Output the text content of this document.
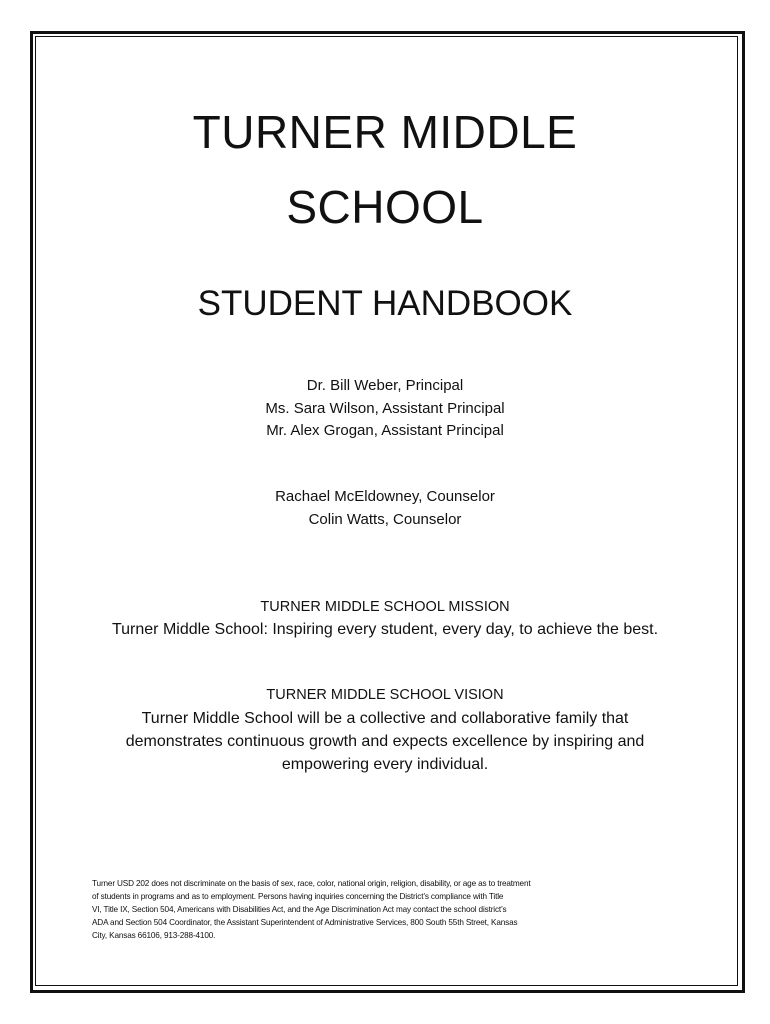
TURNER MIDDLE
SCHOOL
STUDENT HANDBOOK
Dr. Bill Weber, Principal
Ms. Sara Wilson, Assistant Principal
Mr. Alex Grogan, Assistant Principal
Rachael McEldowney, Counselor
Colin Watts, Counselor
TURNER MIDDLE SCHOOL MISSION
Turner Middle School: Inspiring every student, every day, to achieve the best.
TURNER MIDDLE SCHOOL VISION
Turner Middle School will be a collective and collaborative family that
demonstrates continuous growth and expects excellence by inspiring and
empowering every individual.
Turner USD 202 does not discriminate on the basis of sex, race, color, national origin, religion, disability, or age as to treatment
of students in programs and as to employment. Persons having inquiries concerning the District’s compliance with Title
VI, Title IX, Section 504, Americans with Disabilities Act, and the Age Discrimination Act may contact the school district’s
ADA and Section 504 Coordinator, the Assistant Superintendent of Administrative Services, 800 South 55th Street, Kansas
City, Kansas 66106, 913-288-4100.
